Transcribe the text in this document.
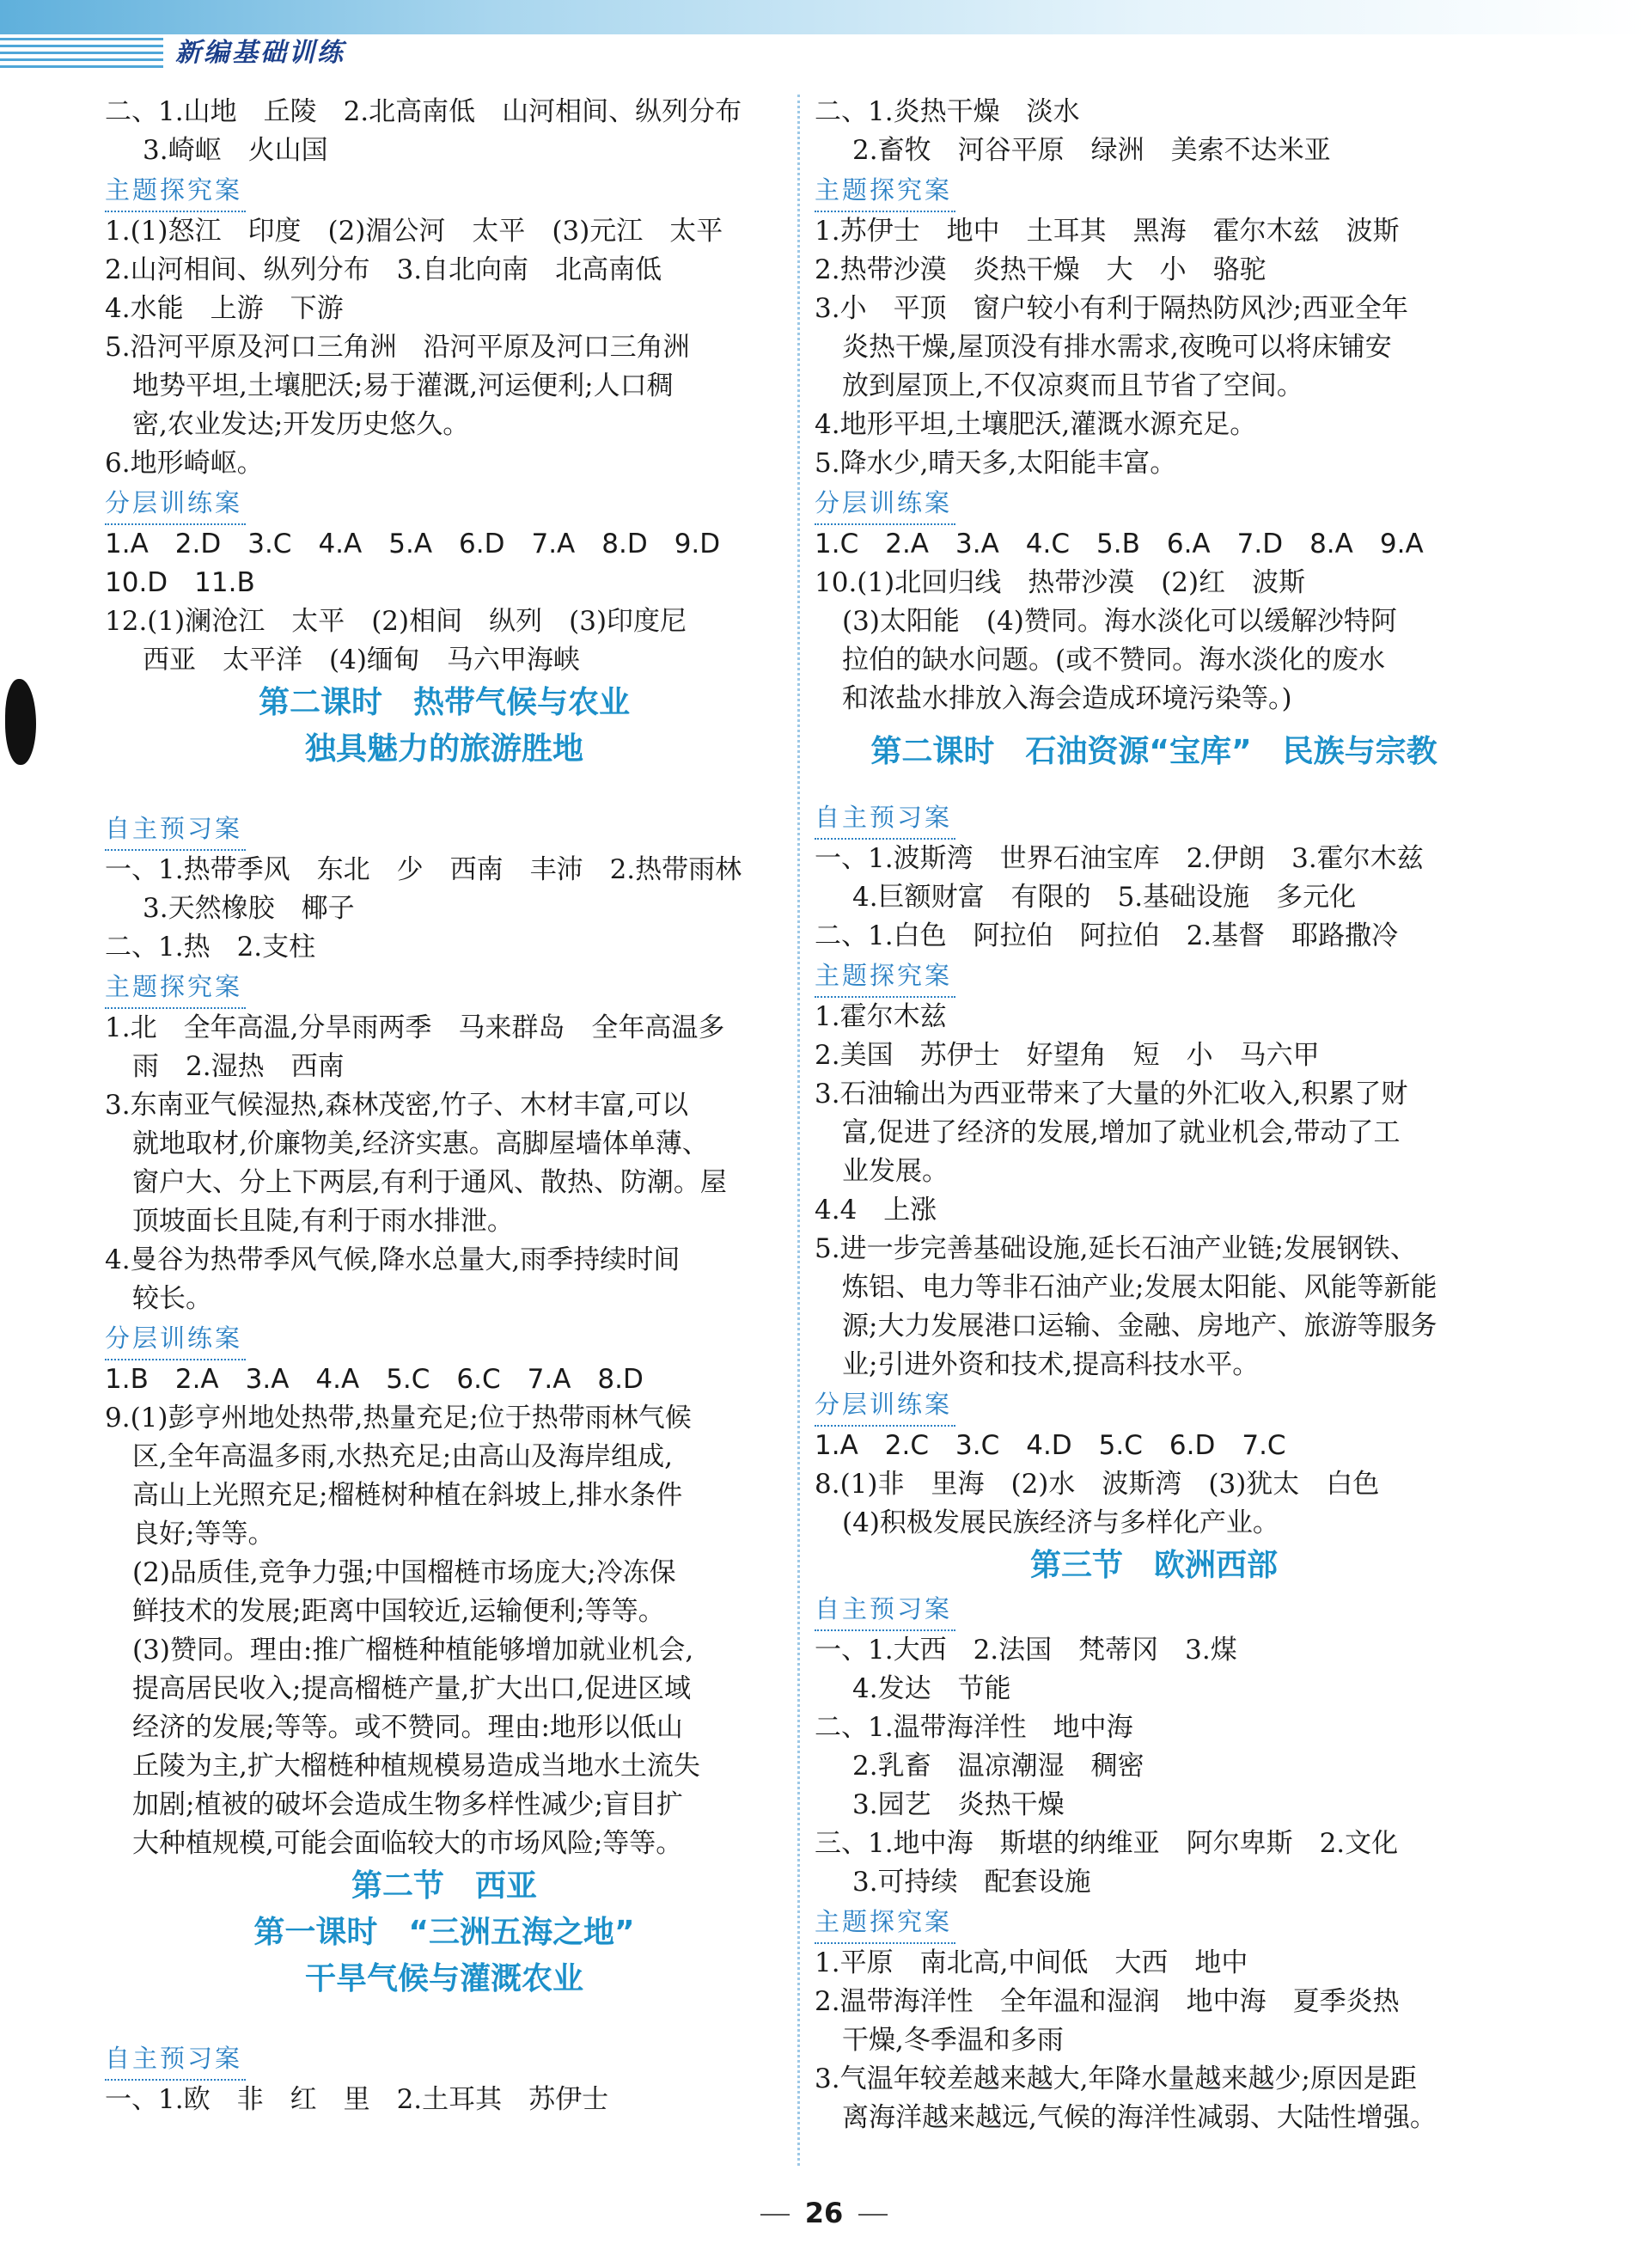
新编基础训练
二、1.山地　丘陵　2.北高南低　山河相间、纵列分布
3.崎岖　火山国
主题探究案
1.(1)怒江　印度　(2)湄公河　太平　(3)元江　太平
2.山河相间、纵列分布　3.自北向南　北高南低
4.水能　上游　下游
5.沿河平原及河口三角洲　沿河平原及河口三角洲
地势平坦,土壤肥沃;易于灌溉,河运便利;人口稠
密,农业发达;开发历史悠久。
6.地形崎岖。
分层训练案
1.A　2.D　3.C　4.A　5.A　6.D　7.A　8.D　9.D
10.D　11.B
12.(1)澜沧江　太平　(2)相间　纵列　(3)印度尼
西亚　太平洋　(4)缅甸　马六甲海峡
第二课时　热带气候与农业
独具魅力的旅游胜地
自主预习案
一、1.热带季风　东北　少　西南　丰沛　2.热带雨林
3.天然橡胶　椰子
二、1.热　2.支柱
主题探究案
1.北　全年高温,分旱雨两季　马来群岛　全年高温多
雨　2.湿热　西南
3.东南亚气候湿热,森林茂密,竹子、木材丰富,可以
就地取材,价廉物美,经济实惠。高脚屋墙体单薄、
窗户大、分上下两层,有利于通风、散热、防潮。屋
顶坡面长且陡,有利于雨水排泄。
4.曼谷为热带季风气候,降水总量大,雨季持续时间
较长。
分层训练案
1.B　2.A　3.A　4.A　5.C　6.C　7.A　8.D
9.(1)彭亨州地处热带,热量充足;位于热带雨林气候
区,全年高温多雨,水热充足;由高山及海岸组成,
高山上光照充足;榴梿树种植在斜坡上,排水条件
良好;等等。
(2)品质佳,竞争力强;中国榴梿市场庞大;冷冻保
鲜技术的发展;距离中国较近,运输便利;等等。
(3)赞同。理由:推广榴梿种植能够增加就业机会,
提高居民收入;提高榴梿产量,扩大出口,促进区域
经济的发展;等等。或不赞同。理由:地形以低山
丘陵为主,扩大榴梿种植规模易造成当地水土流失
加剧;植被的破坏会造成生物多样性减少;盲目扩
大种植规模,可能会面临较大的市场风险;等等。
第二节　西亚
第一课时　“三洲五海之地”
干旱气候与灌溉农业
自主预习案
一、1.欧　非　红　里　2.土耳其　苏伊士
二、1.炎热干燥　淡水
2.畜牧　河谷平原　绿洲　美索不达米亚
主题探究案
1.苏伊士　地中　土耳其　黑海　霍尔木兹　波斯
2.热带沙漠　炎热干燥　大　小　骆驼
3.小　平顶　窗户较小有利于隔热防风沙;西亚全年
炎热干燥,屋顶没有排水需求,夜晚可以将床铺安
放到屋顶上,不仅凉爽而且节省了空间。
4.地形平坦,土壤肥沃,灌溉水源充足。
5.降水少,晴天多,太阳能丰富。
分层训练案
1.C　2.A　3.A　4.C　5.B　6.A　7.D　8.A　9.A
10.(1)北回归线　热带沙漠　(2)红　波斯
(3)太阳能　(4)赞同。海水淡化可以缓解沙特阿
拉伯的缺水问题。(或不赞同。海水淡化的废水
和浓盐水排放入海会造成环境污染等。)
第二课时　石油资源“宝库”　民族与宗教
自主预习案
一、1.波斯湾　世界石油宝库　2.伊朗　3.霍尔木兹
4.巨额财富　有限的　5.基础设施　多元化
二、1.白色　阿拉伯　阿拉伯　2.基督　耶路撒冷
主题探究案
1.霍尔木兹
2.美国　苏伊士　好望角　短　小　马六甲
3.石油输出为西亚带来了大量的外汇收入,积累了财
富,促进了经济的发展,增加了就业机会,带动了工
业发展。
4.4　上涨
5.进一步完善基础设施,延长石油产业链;发展钢铁、
炼铝、电力等非石油产业;发展太阳能、风能等新能
源;大力发展港口运输、金融、房地产、旅游等服务
业;引进外资和技术,提高科技水平。
分层训练案
1.A　2.C　3.C　4.D　5.C　6.D　7.C
8.(1)非　里海　(2)水　波斯湾　(3)犹太　白色
(4)积极发展民族经济与多样化产业。
第三节　欧洲西部
自主预习案
一、1.大西　2.法国　梵蒂冈　3.煤
4.发达　节能
二、1.温带海洋性　地中海
2.乳畜　温凉潮湿　稠密
3.园艺　炎热干燥
三、1.地中海　斯堪的纳维亚　阿尔卑斯　2.文化
3.可持续　配套设施
主题探究案
1.平原　南北高,中间低　大西　地中
2.温带海洋性　全年温和湿润　地中海　夏季炎热
干燥,冬季温和多雨
3.气温年较差越来越大,年降水量越来越少;原因是距
离海洋越来越远,气候的海洋性减弱、大陆性增强。
26
